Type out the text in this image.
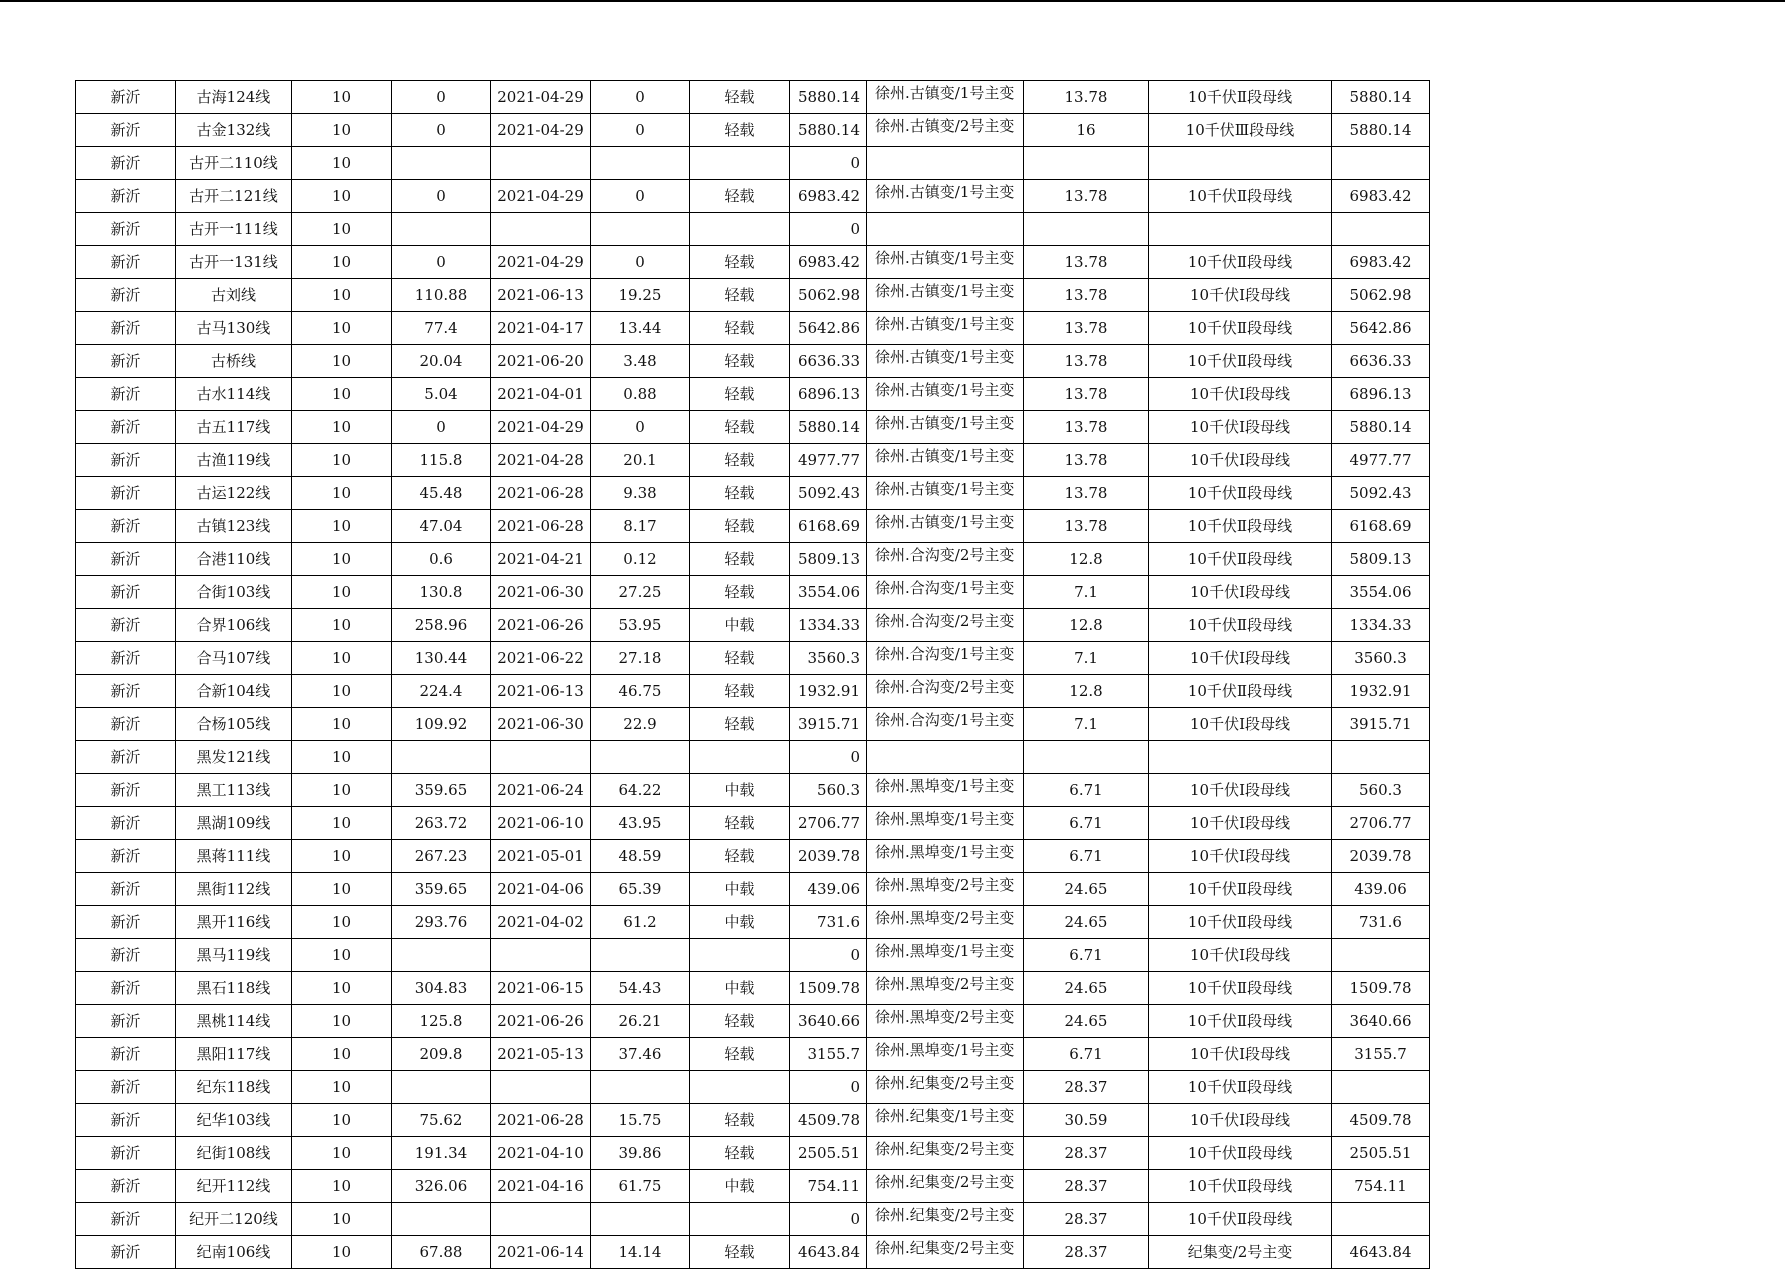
新沂	古海124线	10	0	2021-04-29	0	轻载	5880.14	徐州.古镇变/1号主变	13.78	10千伏Ⅱ段母线	5880.14
新沂	古金132线	10	0	2021-04-29	0	轻载	5880.14	徐州.古镇变/2号主变	16	10千伏Ⅲ段母线	5880.14
新沂	古开二110线	10					0	

新沂	古开二121线	10	0	2021-04-29	0	轻载	6983.42	徐州.古镇变/1号主变	13.78	10千伏Ⅱ段母线	6983.42
新沂	古开一111线	10					0	

新沂	古开一131线	10	0	2021-04-29	0	轻载	6983.42	徐州.古镇变/1号主变	13.78	10千伏Ⅱ段母线	6983.42
新沂	古刘线	10	110.88	2021-06-13	19.25	轻载	5062.98	徐州.古镇变/1号主变	13.78	10千伏Ⅰ段母线	5062.98
新沂	古马130线	10	77.4	2021-04-17	13.44	轻载	5642.86	徐州.古镇变/1号主变	13.78	10千伏Ⅱ段母线	5642.86
新沂	古桥线	10	20.04	2021-06-20	3.48	轻载	6636.33	徐州.古镇变/1号主变	13.78	10千伏Ⅱ段母线	6636.33
新沂	古水114线	10	5.04	2021-04-01	0.88	轻载	6896.13	徐州.古镇变/1号主变	13.78	10千伏Ⅰ段母线	6896.13
新沂	古五117线	10	0	2021-04-29	0	轻载	5880.14	徐州.古镇变/1号主变	13.78	10千伏Ⅰ段母线	5880.14
新沂	古渔119线	10	115.8	2021-04-28	20.1	轻载	4977.77	徐州.古镇变/1号主变	13.78	10千伏Ⅰ段母线	4977.77
新沂	古运122线	10	45.48	2021-06-28	9.38	轻载	5092.43	徐州.古镇变/1号主变	13.78	10千伏Ⅱ段母线	5092.43
新沂	古镇123线	10	47.04	2021-06-28	8.17	轻载	6168.69	徐州.古镇变/1号主变	13.78	10千伏Ⅱ段母线	6168.69
新沂	合港110线	10	0.6	2021-04-21	0.12	轻载	5809.13	徐州.合沟变/2号主变	12.8	10千伏Ⅱ段母线	5809.13
新沂	合街103线	10	130.8	2021-06-30	27.25	轻载	3554.06	徐州.合沟变/1号主变	7.1	10千伏Ⅰ段母线	3554.06
新沂	合界106线	10	258.96	2021-06-26	53.95	中载	1334.33	徐州.合沟变/2号主变	12.8	10千伏Ⅱ段母线	1334.33
新沂	合马107线	10	130.44	2021-06-22	27.18	轻载	3560.3	徐州.合沟变/1号主变	7.1	10千伏Ⅰ段母线	3560.3
新沂	合新104线	10	224.4	2021-06-13	46.75	轻载	1932.91	徐州.合沟变/2号主变	12.8	10千伏Ⅱ段母线	1932.91
新沂	合杨105线	10	109.92	2021-06-30	22.9	轻载	3915.71	徐州.合沟变/1号主变	7.1	10千伏Ⅰ段母线	3915.71
新沂	黑发121线	10					0	

新沂	黑工113线	10	359.65	2021-06-24	64.22	中载	560.3	徐州.黑埠变/1号主变	6.71	10千伏Ⅰ段母线	560.3
新沂	黑湖109线	10	263.72	2021-06-10	43.95	轻载	2706.77	徐州.黑埠变/1号主变	6.71	10千伏Ⅰ段母线	2706.77
新沂	黑蒋111线	10	267.23	2021-05-01	48.59	轻载	2039.78	徐州.黑埠变/1号主变	6.71	10千伏Ⅰ段母线	2039.78
新沂	黑街112线	10	359.65	2021-04-06	65.39	中载	439.06	徐州.黑埠变/2号主变	24.65	10千伏Ⅱ段母线	439.06
新沂	黑开116线	10	293.76	2021-04-02	61.2	中载	731.6	徐州.黑埠变/2号主变	24.65	10千伏Ⅱ段母线	731.6
新沂	黑马119线	10					0	徐州.黑埠变/1号主变	6.71	10千伏Ⅰ段母线	
新沂	黑石118线	10	304.83	2021-06-15	54.43	中载	1509.78	徐州.黑埠变/2号主变	24.65	10千伏Ⅱ段母线	1509.78
新沂	黑桃114线	10	125.8	2021-06-26	26.21	轻载	3640.66	徐州.黑埠变/2号主变	24.65	10千伏Ⅱ段母线	3640.66
新沂	黑阳117线	10	209.8	2021-05-13	37.46	轻载	3155.7	徐州.黑埠变/1号主变	6.71	10千伏Ⅰ段母线	3155.7
新沂	纪东118线	10					0	徐州.纪集变/2号主变	28.37	10千伏Ⅱ段母线	
新沂	纪华103线	10	75.62	2021-06-28	15.75	轻载	4509.78	徐州.纪集变/1号主变	30.59	10千伏Ⅰ段母线	4509.78
新沂	纪街108线	10	191.34	2021-04-10	39.86	轻载	2505.51	徐州.纪集变/2号主变	28.37	10千伏Ⅱ段母线	2505.51
新沂	纪开112线	10	326.06	2021-04-16	61.75	中载	754.11	徐州.纪集变/2号主变	28.37	10千伏Ⅱ段母线	754.11
新沂	纪开二120线	10					0	徐州.纪集变/2号主变	28.37	10千伏Ⅱ段母线	
新沂	纪南106线	10	67.88	2021-06-14	14.14	轻载	4643.84	徐州.纪集变/2号主变	28.37	纪集变/2号主变	4643.84
